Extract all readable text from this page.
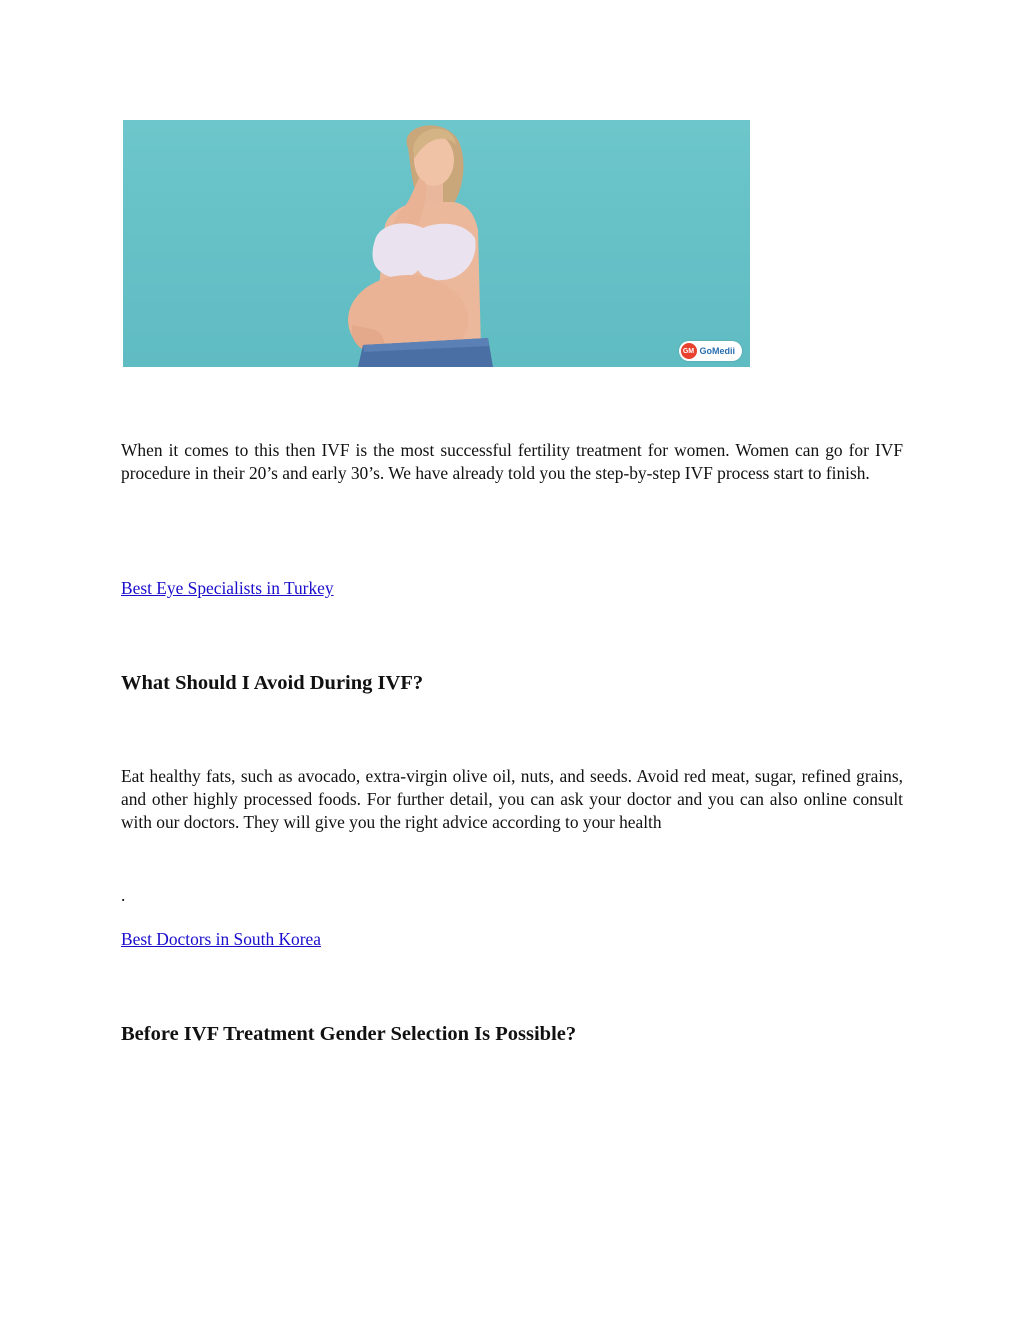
GM GoMedii

When it comes to this then IVF is the most successful fertility treatment for women. Women can go for IVF procedure in their 20’s and early 30’s. We have already told you the step-by-step IVF process start to finish.

Best Eye Specialists in Turkey
What Should I Avoid During IVF?

Eat healthy fats, such as avocado, extra-virgin olive oil, nuts, and seeds. Avoid red meat, sugar, refined grains, and other highly processed foods. For further detail, you can ask your doctor and you can also online consult with our doctors. They will give you the right advice according to your health

.

Best Doctors in South Korea
Before IVF Treatment Gender Selection Is Possible?
